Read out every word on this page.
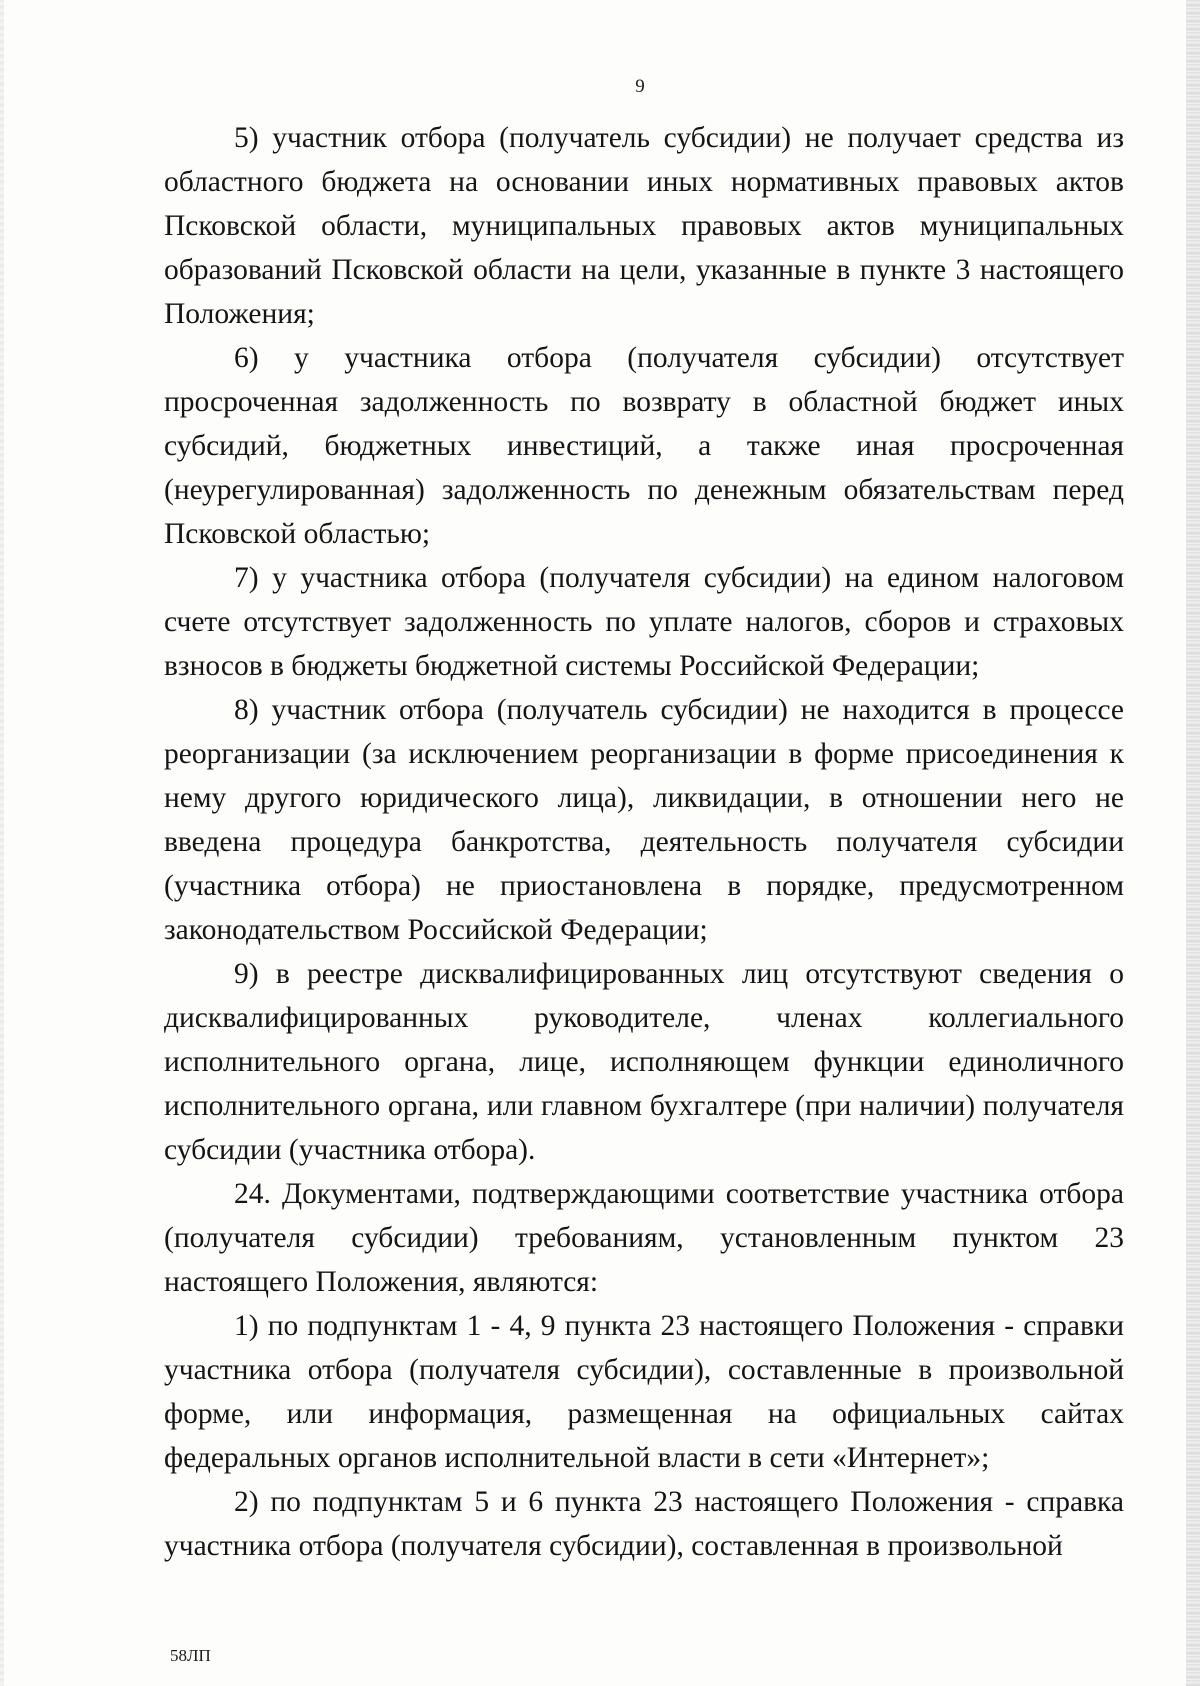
9

5) участник отбора (получатель субсидии) не получает средства из областного бюджета на основании иных нормативных правовых актов Псковской области, муниципальных правовых актов муниципальных образований Псковской области на цели, указанные в пункте 3 настоящего Положения;

6) у участника отбора (получателя субсидии) отсутствует просроченная задолженность по возврату в областной бюджет иных субсидий, бюджетных инвестиций, а также иная просроченная (неурегулированная) задолженность по денежным обязательствам перед Псковской областью;

7) у участника отбора (получателя субсидии) на едином налоговом счете отсутствует задолженность по уплате налогов, сборов и страховых взносов в бюджеты бюджетной системы Российской Федерации;

8) участник отбора (получатель субсидии) не находится в процессе реорганизации (за исключением реорганизации в форме присоединения к нему другого юридического лица), ликвидации, в отношении него не введена процедура банкротства, деятельность получателя субсидии (участника отбора) не приостановлена в порядке, предусмотренном законодательством Российской Федерации;

9) в реестре дисквалифицированных лиц отсутствуют сведения о дисквалифицированных руководителе, членах коллегиального исполнительного органа, лице, исполняющем функции единоличного исполнительного органа, или главном бухгалтере (при наличии) получателя субсидии (участника отбора).

24. Документами, подтверждающими соответствие участника отбора (получателя субсидии) требованиям, установленным пунктом 23 настоящего Положения, являются:

1) по подпунктам 1 - 4, 9 пункта 23 настоящего Положения - справки участника отбора (получателя субсидии), составленные в произвольной форме, или информация, размещенная на официальных сайтах федеральных органов исполнительной власти в сети «Интернет»;

2) по подпунктам 5 и 6 пункта 23 настоящего Положения - справка участника отбора (получателя субсидии), составленная в произвольной

58ЛП
